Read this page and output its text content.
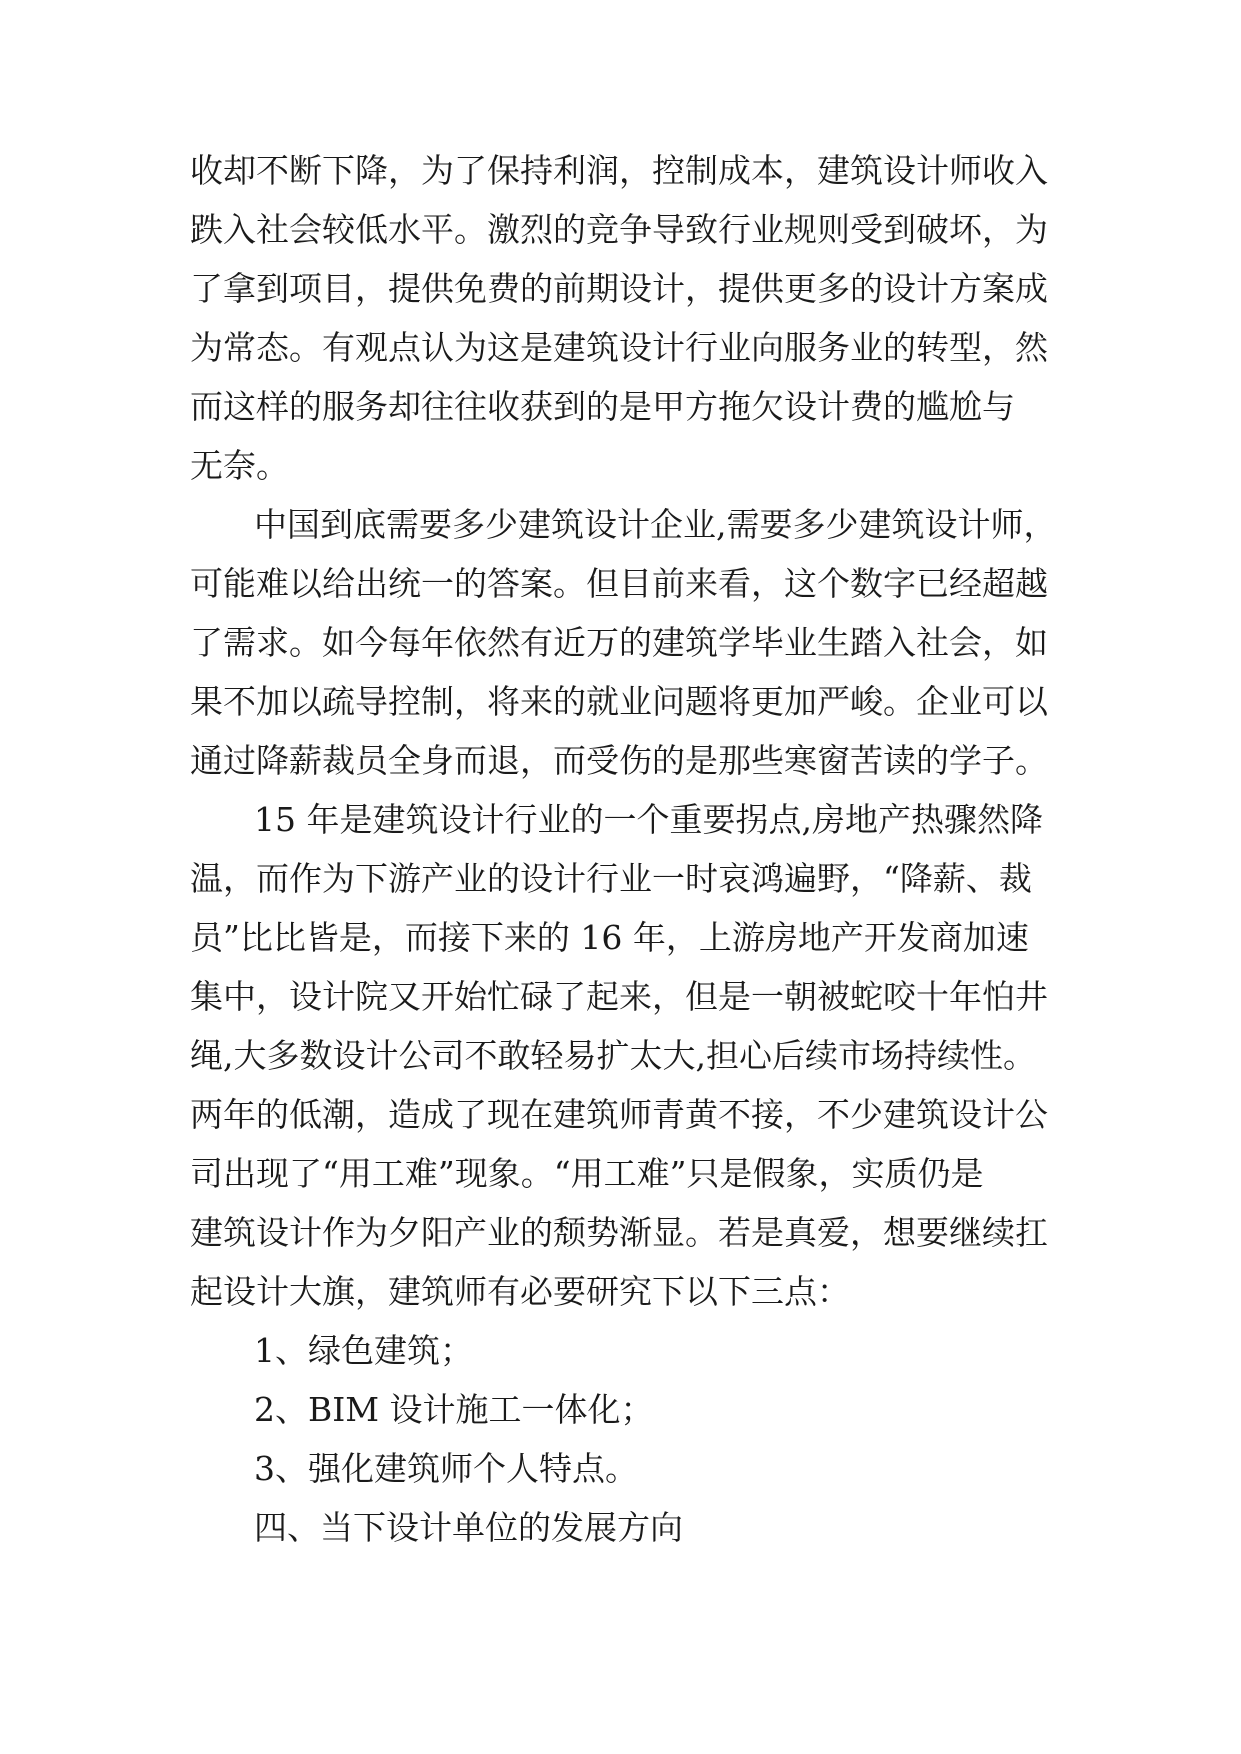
收却不断下降，为了保持利润，控制成本，建筑设计师收入
跌入社会较低水平。激烈的竞争导致行业规则受到破坏，为
了拿到项目，提供免费的前期设计，提供更多的设计方案成
为常态。有观点认为这是建筑设计行业向服务业的转型，然
而这样的服务却往往收获到的是甲方拖欠设计费的尴尬与
无奈。
中国到底需要多少建筑设计企业,需要多少建筑设计师，
可能难以给出统一的答案。但目前来看，这个数字已经超越
了需求。如今每年依然有近万的建筑学毕业生踏入社会，如
果不加以疏导控制，将来的就业问题将更加严峻。企业可以
通过降薪裁员全身而退，而受伤的是那些寒窗苦读的学子。
15 年是建筑设计行业的一个重要拐点,房地产热骤然降
温，而作为下游产业的设计行业一时哀鸿遍野，“降薪、裁
员”比比皆是，而接下来的 16 年，上游房地产开发商加速
集中，设计院又开始忙碌了起来，但是一朝被蛇咬十年怕井
绳,大多数设计公司不敢轻易扩太大,担心后续市场持续性。
两年的低潮，造成了现在建筑师青黄不接，不少建筑设计公
司出现了“用工难”现象。“用工难”只是假象，实质仍是
建筑设计作为夕阳产业的颓势渐显。若是真爱，想要继续扛
起设计大旗，建筑师有必要研究下以下三点：
1、绿色建筑；
2、BIM 设计施工一体化；
3、强化建筑师个人特点。
四、当下设计单位的发展方向
